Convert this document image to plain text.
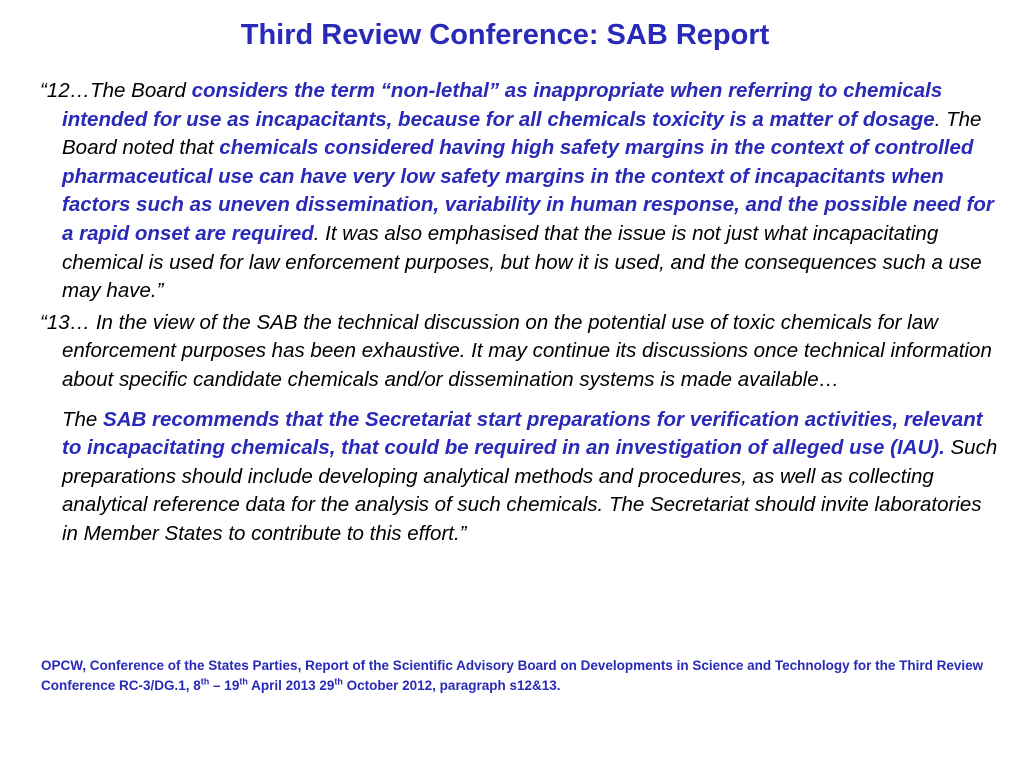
Third Review Conference: SAB Report

“12…The Board considers the term “non-lethal” as inappropriate when referring to chemicals intended for use as incapacitants, because for all chemicals toxicity is a matter of dosage. The Board noted that chemicals considered having high safety margins in the context of controlled pharmaceutical use can have very low safety margins in the context of incapacitants when factors such as uneven dissemination, variability in human response, and the possible need for a rapid onset are required. It was also emphasised that the issue is not just what incapacitating chemical is used for law enforcement purposes, but how it is used, and the consequences such a use may have.”

“13… In the view of the SAB the technical discussion on the potential use of toxic chemicals for law enforcement purposes has been exhaustive. It may continue its discussions once technical information about specific candidate chemicals and/or dissemination systems is made available…

The SAB recommends that the Secretariat start preparations for verification activities, relevant to incapacitating chemicals, that could be required in an investigation of alleged use (IAU). Such preparations should include developing analytical methods and procedures, as well as collecting analytical reference data for the analysis of such chemicals. The Secretariat should invite laboratories in Member States to contribute to this effort.”

OPCW, Conference of the States Parties, Report of the Scientific Advisory Board on Developments in Science and Technology for the Third Review Conference RC-3/DG.1, 8th – 19th April 2013 29th October 2012, paragraph s12&13.
